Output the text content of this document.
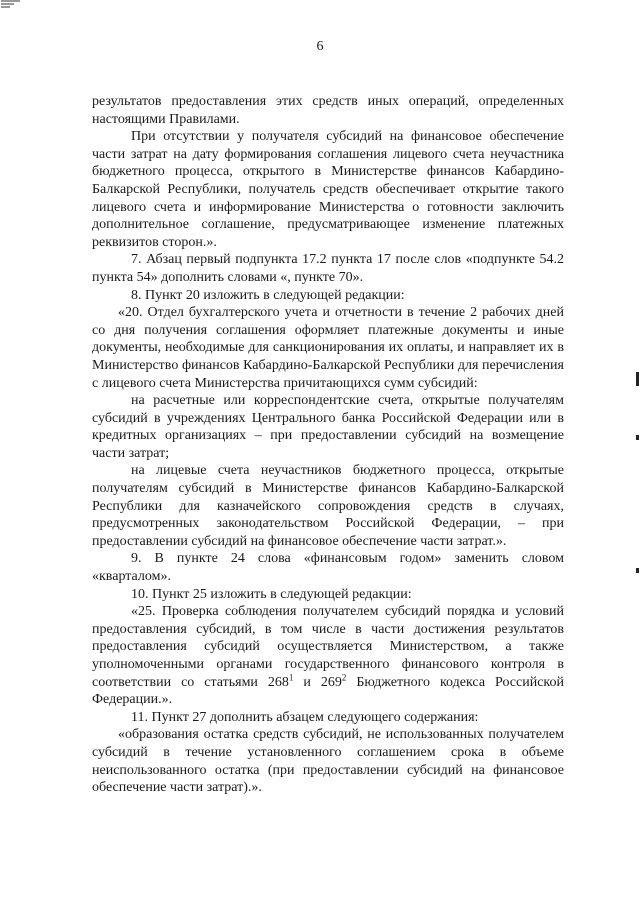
6

результатов предоставления этих средств иных операций, определенных настоящими Правилами.

При отсутствии у получателя субсидий на финансовое обеспечение части затрат на дату формирования соглашения лицевого счета неучастника бюджетного процесса, открытого в Министерстве финансов Кабардино-Балкарской Республики, получатель средств обеспечивает открытие такого лицевого счета и информирование Министерства о готовности заключить дополнительное соглашение, предусматривающее изменение платежных реквизитов сторон.».

7. Абзац первый подпункта 17.2 пункта 17 после слов «подпункте 54.2 пункта 54» дополнить словами «, пункте 70».

8. Пункт 20 изложить в следующей редакции:

«20. Отдел бухгалтерского учета и отчетности в течение 2 рабочих дней со дня получения соглашения оформляет платежные документы и иные документы, необходимые для санкционирования их оплаты, и направляет их в Министерство финансов Кабардино-Балкарской Республики для перечисления с лицевого счета Министерства причитающихся сумм субсидий:

на расчетные или корреспондентские счета, открытые получателям субсидий в учреждениях Центрального банка Российской Федерации или в кредитных организациях – при предоставлении субсидий на возмещение части затрат;

на лицевые счета неучастников бюджетного процесса, открытые получателям субсидий в Министерстве финансов Кабардино-Балкарской Республики для казначейского сопровождения средств в случаях, предусмотренных законодательством Российской Федерации, – при предоставлении субсидий на финансовое обеспечение части затрат.».

9. В пункте 24 слова «финансовым годом» заменить словом «кварталом».

10. Пункт 25 изложить в следующей редакции:

«25. Проверка соблюдения получателем субсидий порядка и условий предоставления субсидий, в том числе в части достижения результатов предоставления субсидий осуществляется Министерством, а также уполномоченными органами государственного финансового контроля в соответствии со статьями $268^1$ и $269^2$ Бюджетного кодекса Российской Федерации.».

11. Пункт 27 дополнить абзацем следующего содержания:

«образования остатка средств субсидий, не использованных получателем субсидий в течение установленного соглашением срока в объеме неиспользованного остатка (при предоставлении субсидий на финансовое обеспечение части затрат).».
